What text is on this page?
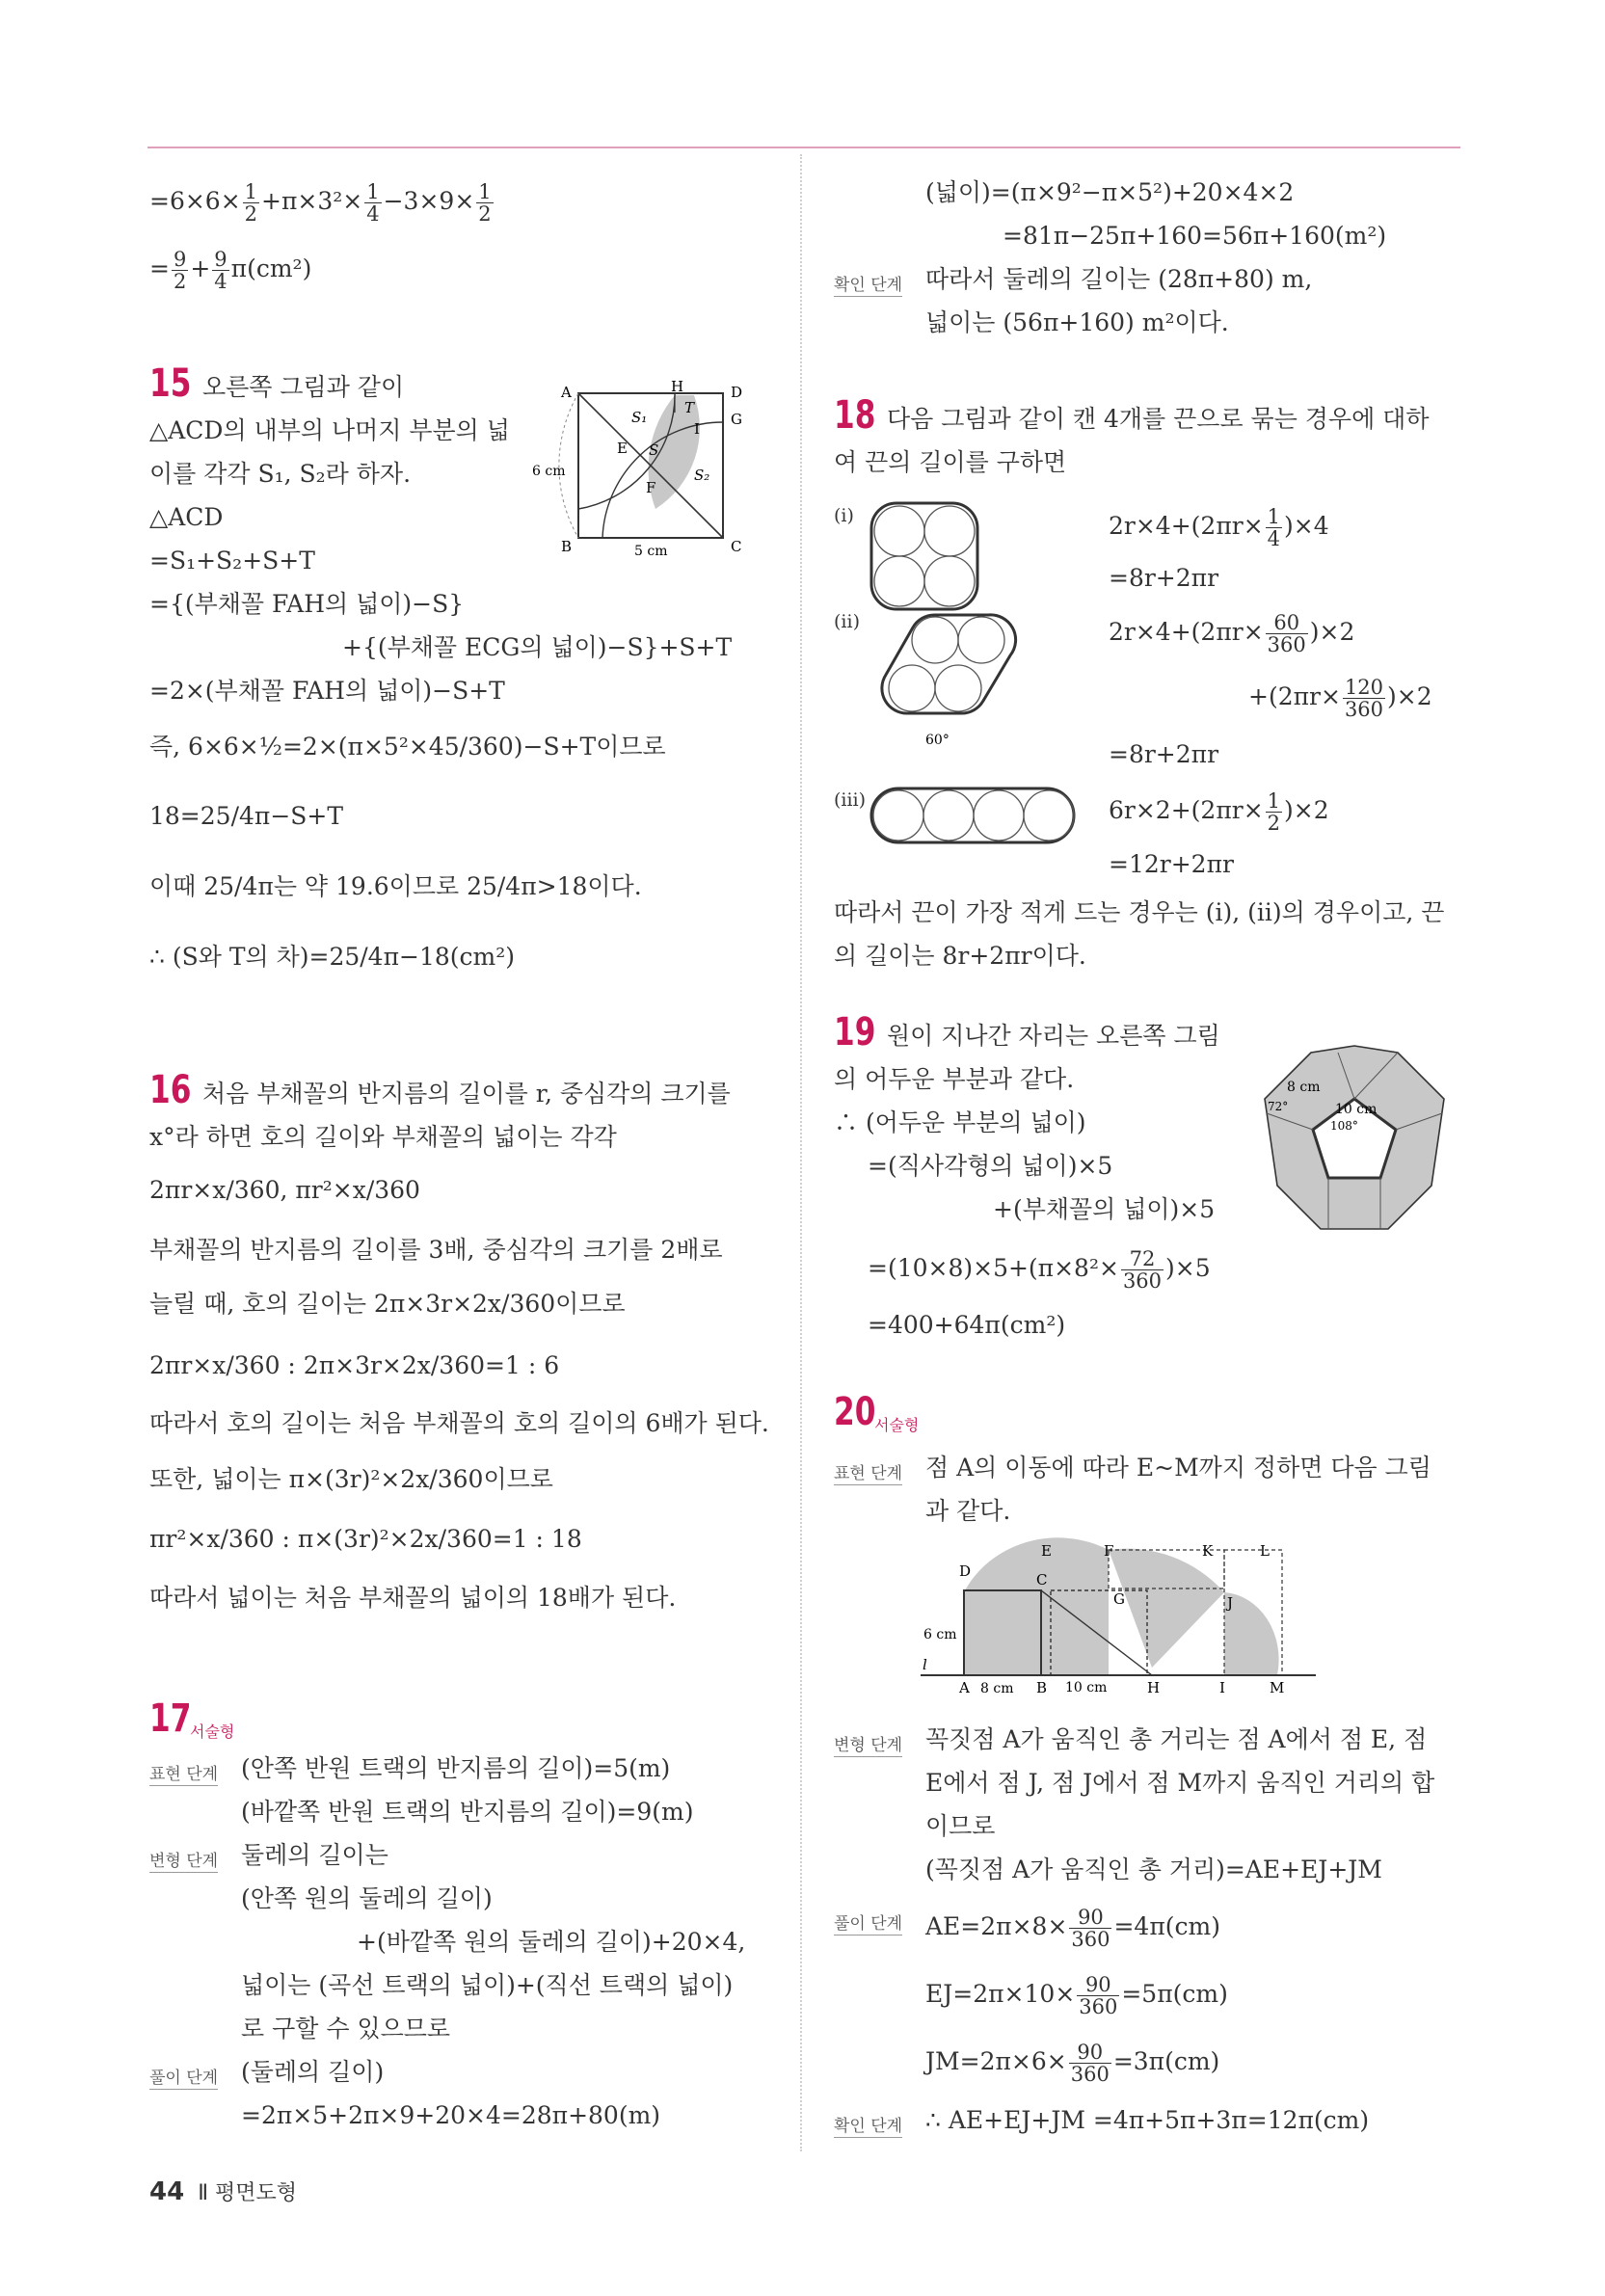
$=6\times 6\times \frac{1}{2} +\pi\times 3^2\times \frac{1}{4} -3\times 9\times \frac{1}{2}$
= $\frac{9}{2} + \frac{9}{4} \pi(cm^2)$
15 오른쪽 그림과 같이
△ACD의 내부의 나머지 부분의 넓
이를 각각 S₁, S₂라 하자.
△ACD
=S₁+S₂+S+T
={(부채꼴 FAH의 넓이)−S}
+{(부채꼴 ECG의 넓이)−S}+S+T
=2×(부채꼴 FAH의 넓이)−S+T
즉, 6×6×½=2×(π×5²×45/360)−S+T이므로
18=25/4π−S+T
이때 25/4π는 약 19.6이므로 25/4π>18이다.
∴ (S와 T의 차)=25/4π−18(cm²)
A
B	C
D
H
G
T
I
E S
F
S₁
S₂
6 cm
5 cm
16 처음 부채꼴의 반지름의 길이를 r, 중심각의 크기를
x°라 하면 호의 길이와 부채꼴의 넓이는 각각
2πr×x/360, πr²×x/360
부채꼴의 반지름의 길이를 3배, 중심각의 크기를 2배로
늘릴 때, 호의 길이는 2π×3r×2x/360이므로
2πr×x/360 : 2π×3r×2x/360=1 : 6
따라서 호의 길이는 처음 부채꼴의 호의 길이의 6배가 된다.
또한, 넓이는 π×(3r)²×2x/360이므로
πr²×x/360 : π×(3r)²×2x/360=1 : 18
따라서 넓이는 처음 부채꼴의 넓이의 18배가 된다.
17
서술형
표현 단계 (안쪽 반원 트랙의 반지름의 길이)=5(m)
(바깥쪽 반원 트랙의 반지름의 길이)=9(m)
변형 단계 둘레의 길이는
(안쪽 원의 둘레의 길이)
+(바깥쪽 원의 둘레의 길이)+20×4,
넓이는 (곡선 트랙의 넓이)+(직선 트랙의 넓이)
로 구할 수 있으므로
풀이 단계 (둘레의 길이)
=2π×5+2π×9+20×4=28π+80(m)
(넓이)=(π×9²−π×5²)+20×4×2
=81π−25π+160=56π+160(m²)
확인 단계 따라서 둘레의 길이는 (28π+80) m,
넓이는 (56π+160) m²이다.
18 다음 그림과 같이 캔 4개를 끈으로 묶는 경우에 대하
여 끈의 길이를 구하면
(ⅰ)
(ⅱ)
(ⅲ)
60°
$2r\times 4+(2\pi r\times \frac{1}{4} )\times 4$
=8r+2πr
$2r\times 4+(2\pi r\times \frac{60}{360} )\times 2$
$+(2\pi r\times \frac{120}{360} )\times 2$
=8r+2πr
$6r\times 2+(2\pi r\times \frac{1}{2} )\times 2$
=12r+2πr
따라서 끈이 가장 적게 드는 경우는 (ⅰ), (ⅱ)의 경우이고, 끈
의 길이는 8r+2πr이다.
19 원이 지나간 자리는 오른쪽 그림
의 어두운 부분과 같다.
∴ (어두운 부분의 넓이)
=(직사각형의 넓이)×5
+(부채꼴의 넓이)×5
$=(10\times 8)\times 5+(\pi\times 8^2\times \frac{72}{360} )\times 5$
=400+64π(cm²)
8 cm
10 cm
72°
108°
20
서술형
표현 단계 점 A의 이동에 따라 E~M까지 정하면 다음 그림
과 같다.
D	C
E	F
G
K	L
J
A	B	H	I	M
l
6 cm
8 cm	10 cm
변형 단계 꼭짓점 A가 움직인 총 거리는 점 A에서 점 E, 점
E에서 점 J, 점 J에서 점 M까지 움직인 거리의 합
이므로
(꼭짓점 A가 움직인 총 거리)=AE+EJ+JM
풀이 단계 $AE=2\pi\times 8\times \frac{90}{360} =4\pi(cm)$
$EJ=2\pi\times 10\times \frac{90}{360} =5\pi(cm)$
$JM=2\pi\times 6\times \frac{90}{360} =3\pi(cm)$
확인 단계 ∴ AE+EJ+JM =4π+5π+3π=12π(cm)
44 Ⅱ 평면도형
